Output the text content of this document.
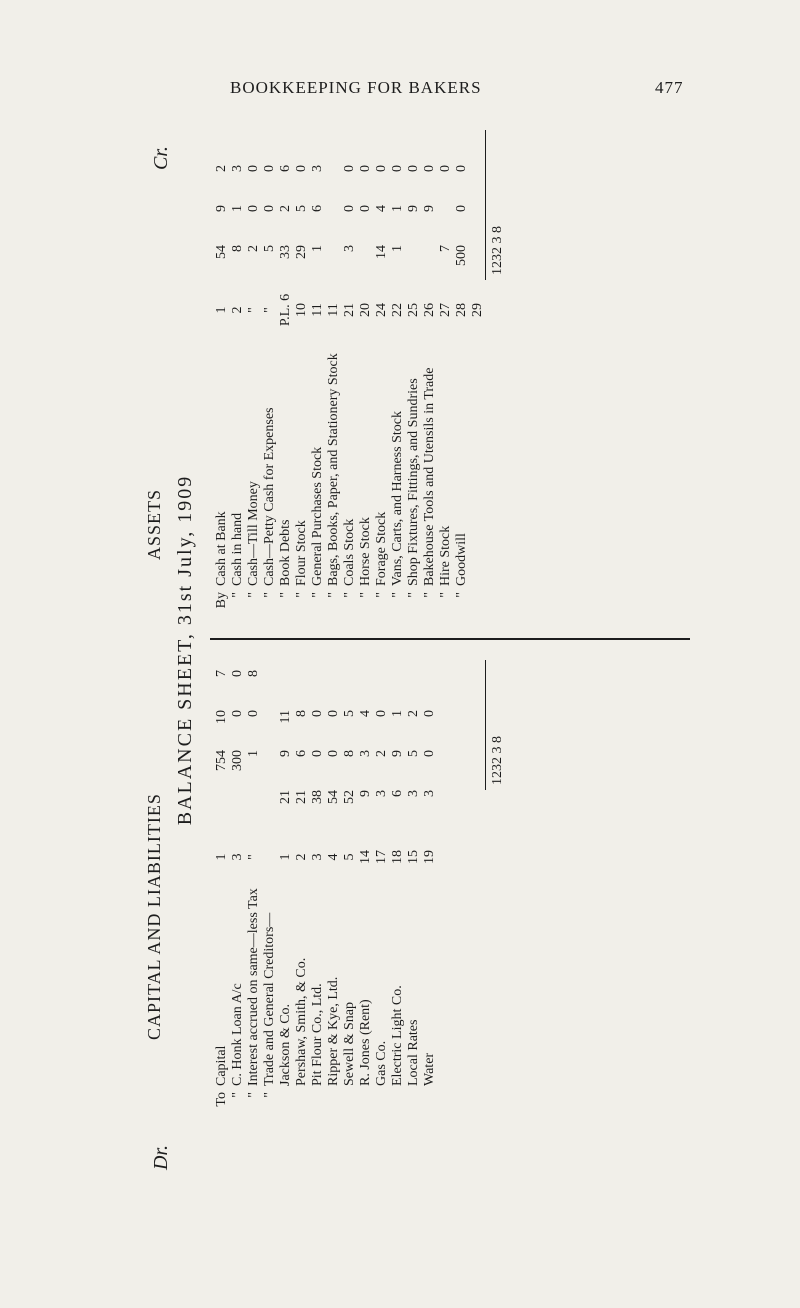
BOOKKEEPING FOR BAKERS	477
Dr.
Cr.
CAPITAL AND LIABILITIES
ASSETS BALANCE SHEET, 31st July, 1909
To
Capital
1
754107
"
C. Honk Loan A/c
3
30000
"
Interest accrued on same—less Tax
"
108
"
Trade and General Creditors— Jackson & Co.
1
21911
Pershaw, Smith, & Co.
2
2168
Pit Flour Co., Ltd.
3
3800
Ripper & Kye, Ltd.
4
5400
Sewell & Snap
5
5285
R. Jones (Rent)
14
934
Gas Co.
17
320
Electric Light Co.
18
691
Local Rates
15
352
Water
19
300
By
Cash at Bank
1
5492
"
Cash in hand
2
813
"
Cash—Till Money
"
200
"
Cash—Petty Cash for Expenses
"
500
"
Book Debts
P.L. 6
3326
"
Flour Stock
10
2950
"
General Purchases Stock
11
163
"
Bags, Books, Paper, and Stationery Stock
11
"
Coals Stock
21
300
"
Horse Stock
20
00
"
Forage Stock
24
1440
"
Vans, Carts, and Harness Stock
22
110
"
Shop Fixtures, Fittings, and Sundries
25
90
"
Bakehouse Tools and Utensils in Trade
26
90
"
Hire Stock
27
70
"
Goodwill
28
50000
29
1232 3 8
1232 3 8
